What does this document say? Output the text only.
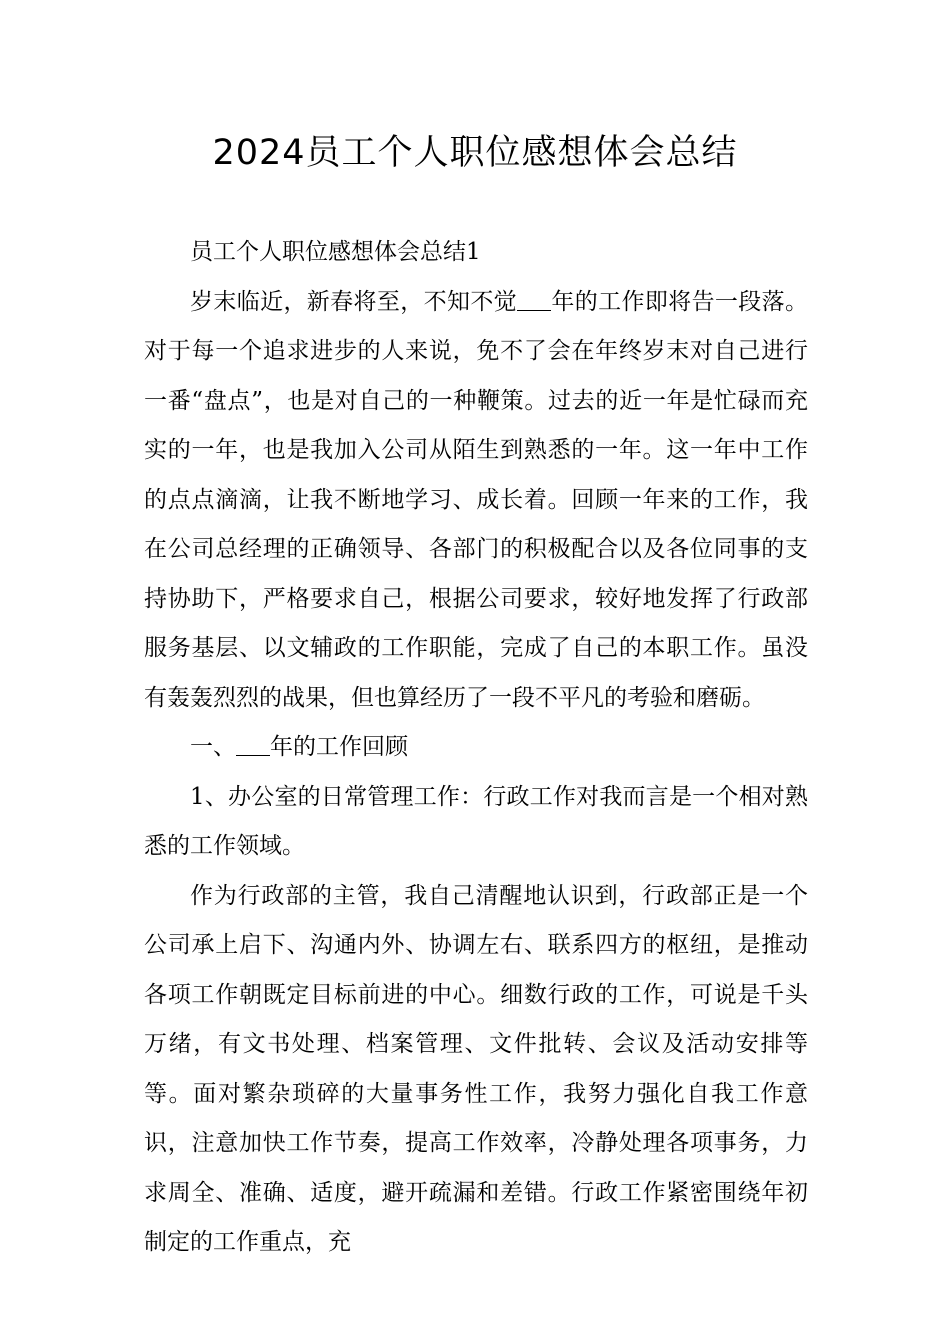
2024员工个人职位感想体会总结

员工个人职位感想体会总结1

岁末临近，新春将至，不知不觉 年的工作即将告一段落。对于每一个追求进步的人来说，免不了会在年终岁末对自己进行一番“盘点”，也是对自己的一种鞭策。过去的近一年是忙碌而充实的一年，也是我加入公司从陌生到熟悉的一年。这一年中工作的点点滴滴，让我不断地学习、成长着。回顾一年来的工作，我在公司总经理的正确领导、各部门的积极配合以及各位同事的支持协助下，严格要求自己，根据公司要求，较好地发挥了行政部服务基层、以文辅政的工作职能，完成了自己的本职工作。虽没有轰轰烈烈的战果，但也算经历了一段不平凡的考验和磨砺。

一、 年的工作回顾

1、办公室的日常管理工作：行政工作对我而言是一个相对熟悉的工作领域。

作为行政部的主管，我自己清醒地认识到，行政部正是一个公司承上启下、沟通内外、协调左右、联系四方的枢纽，是推动各项工作朝既定目标前进的中心。细数行政的工作，可说是千头万绪，有文书处理、档案管理、文件批转、会议及活动安排等等。面对繁杂琐碎的大量事务性工作，我努力强化自我工作意识，注意加快工作节奏，提高工作效率，冷静处理各项事务，力求周全、准确、适度，避开疏漏和差错。行政工作紧密围绕年初制定的工作重点，充
